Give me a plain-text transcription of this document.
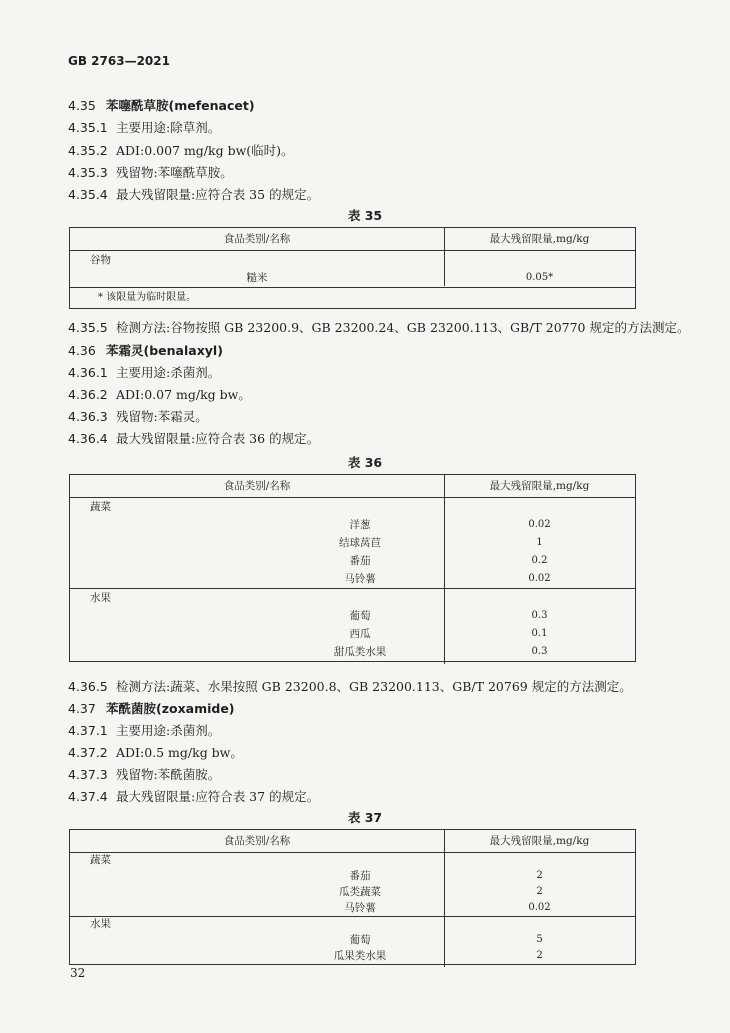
GB 2763—2021
4.35 苯噻酰草胺(mefenacet)
4.35.1 主要用途:除草剂。
4.35.2 ADI:0.007 mg/kg bw(临时)。
4.35.3 残留物:苯噻酰草胺。
4.35.4 最大残留限量:应符合表 35 的规定。
表 35
食品类别/名称	最大残留限量,mg/kg
谷物
糙米	0.05*
* 该限量为临时限量。
4.35.5 检测方法:谷物按照 GB 23200.9、GB 23200.24、GB 23200.113、GB/T 20770 规定的方法测定。
4.36 苯霜灵(benalaxyl)
4.36.1 主要用途:杀菌剂。
4.36.2 ADI:0.07 mg/kg bw。
4.36.3 残留物:苯霜灵。
4.36.4 最大残留限量:应符合表 36 的规定。
表 36
食品类别/名称	最大残留限量,mg/kg
蔬菜
洋葱	0.02
结球莴苣	1
番茄	0.2
马铃薯	0.02
水果
葡萄	0.3
西瓜	0.1
甜瓜类水果	0.3
4.36.5 检测方法:蔬菜、水果按照 GB 23200.8、GB 23200.113、GB/T 20769 规定的方法测定。
4.37 苯酰菌胺(zoxamide)
4.37.1 主要用途:杀菌剂。
4.37.2 ADI:0.5 mg/kg bw。
4.37.3 残留物:苯酰菌胺。
4.37.4 最大残留限量:应符合表 37 的规定。
表 37
食品类别/名称	最大残留限量,mg/kg
蔬菜
番茄	2
瓜类蔬菜	2
马铃薯	0.02
水果
葡萄	5
瓜果类水果	2
32
